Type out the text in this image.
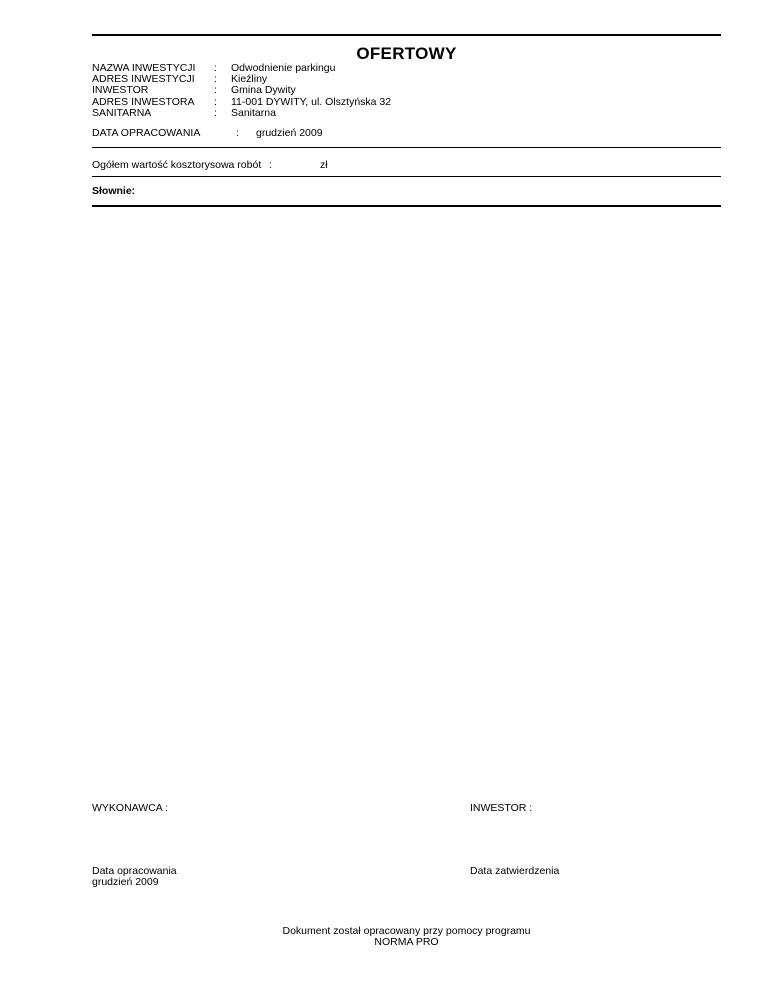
OFERTOWY
NAZWA INWESTYCJI : Odwodnienie parkingu
ADRES INWESTYCJI : Kieźliny
INWESTOR	: Gmina Dywity
ADRES INWESTORA : 11-001 DYWITY, ul. Olsztyńska 32
SANITARNA	: Sanitarna
DATA OPRACOWANIA	: grudzień 2009
Ogółem wartość kosztorysowa robót :	zł
Słownie:
WYKONAWCA :	INWESTOR :
Data opracowania
grudzień 2009
Data zatwierdzenia
Dokument został opracowany przy pomocy programu
NORMA PRO
